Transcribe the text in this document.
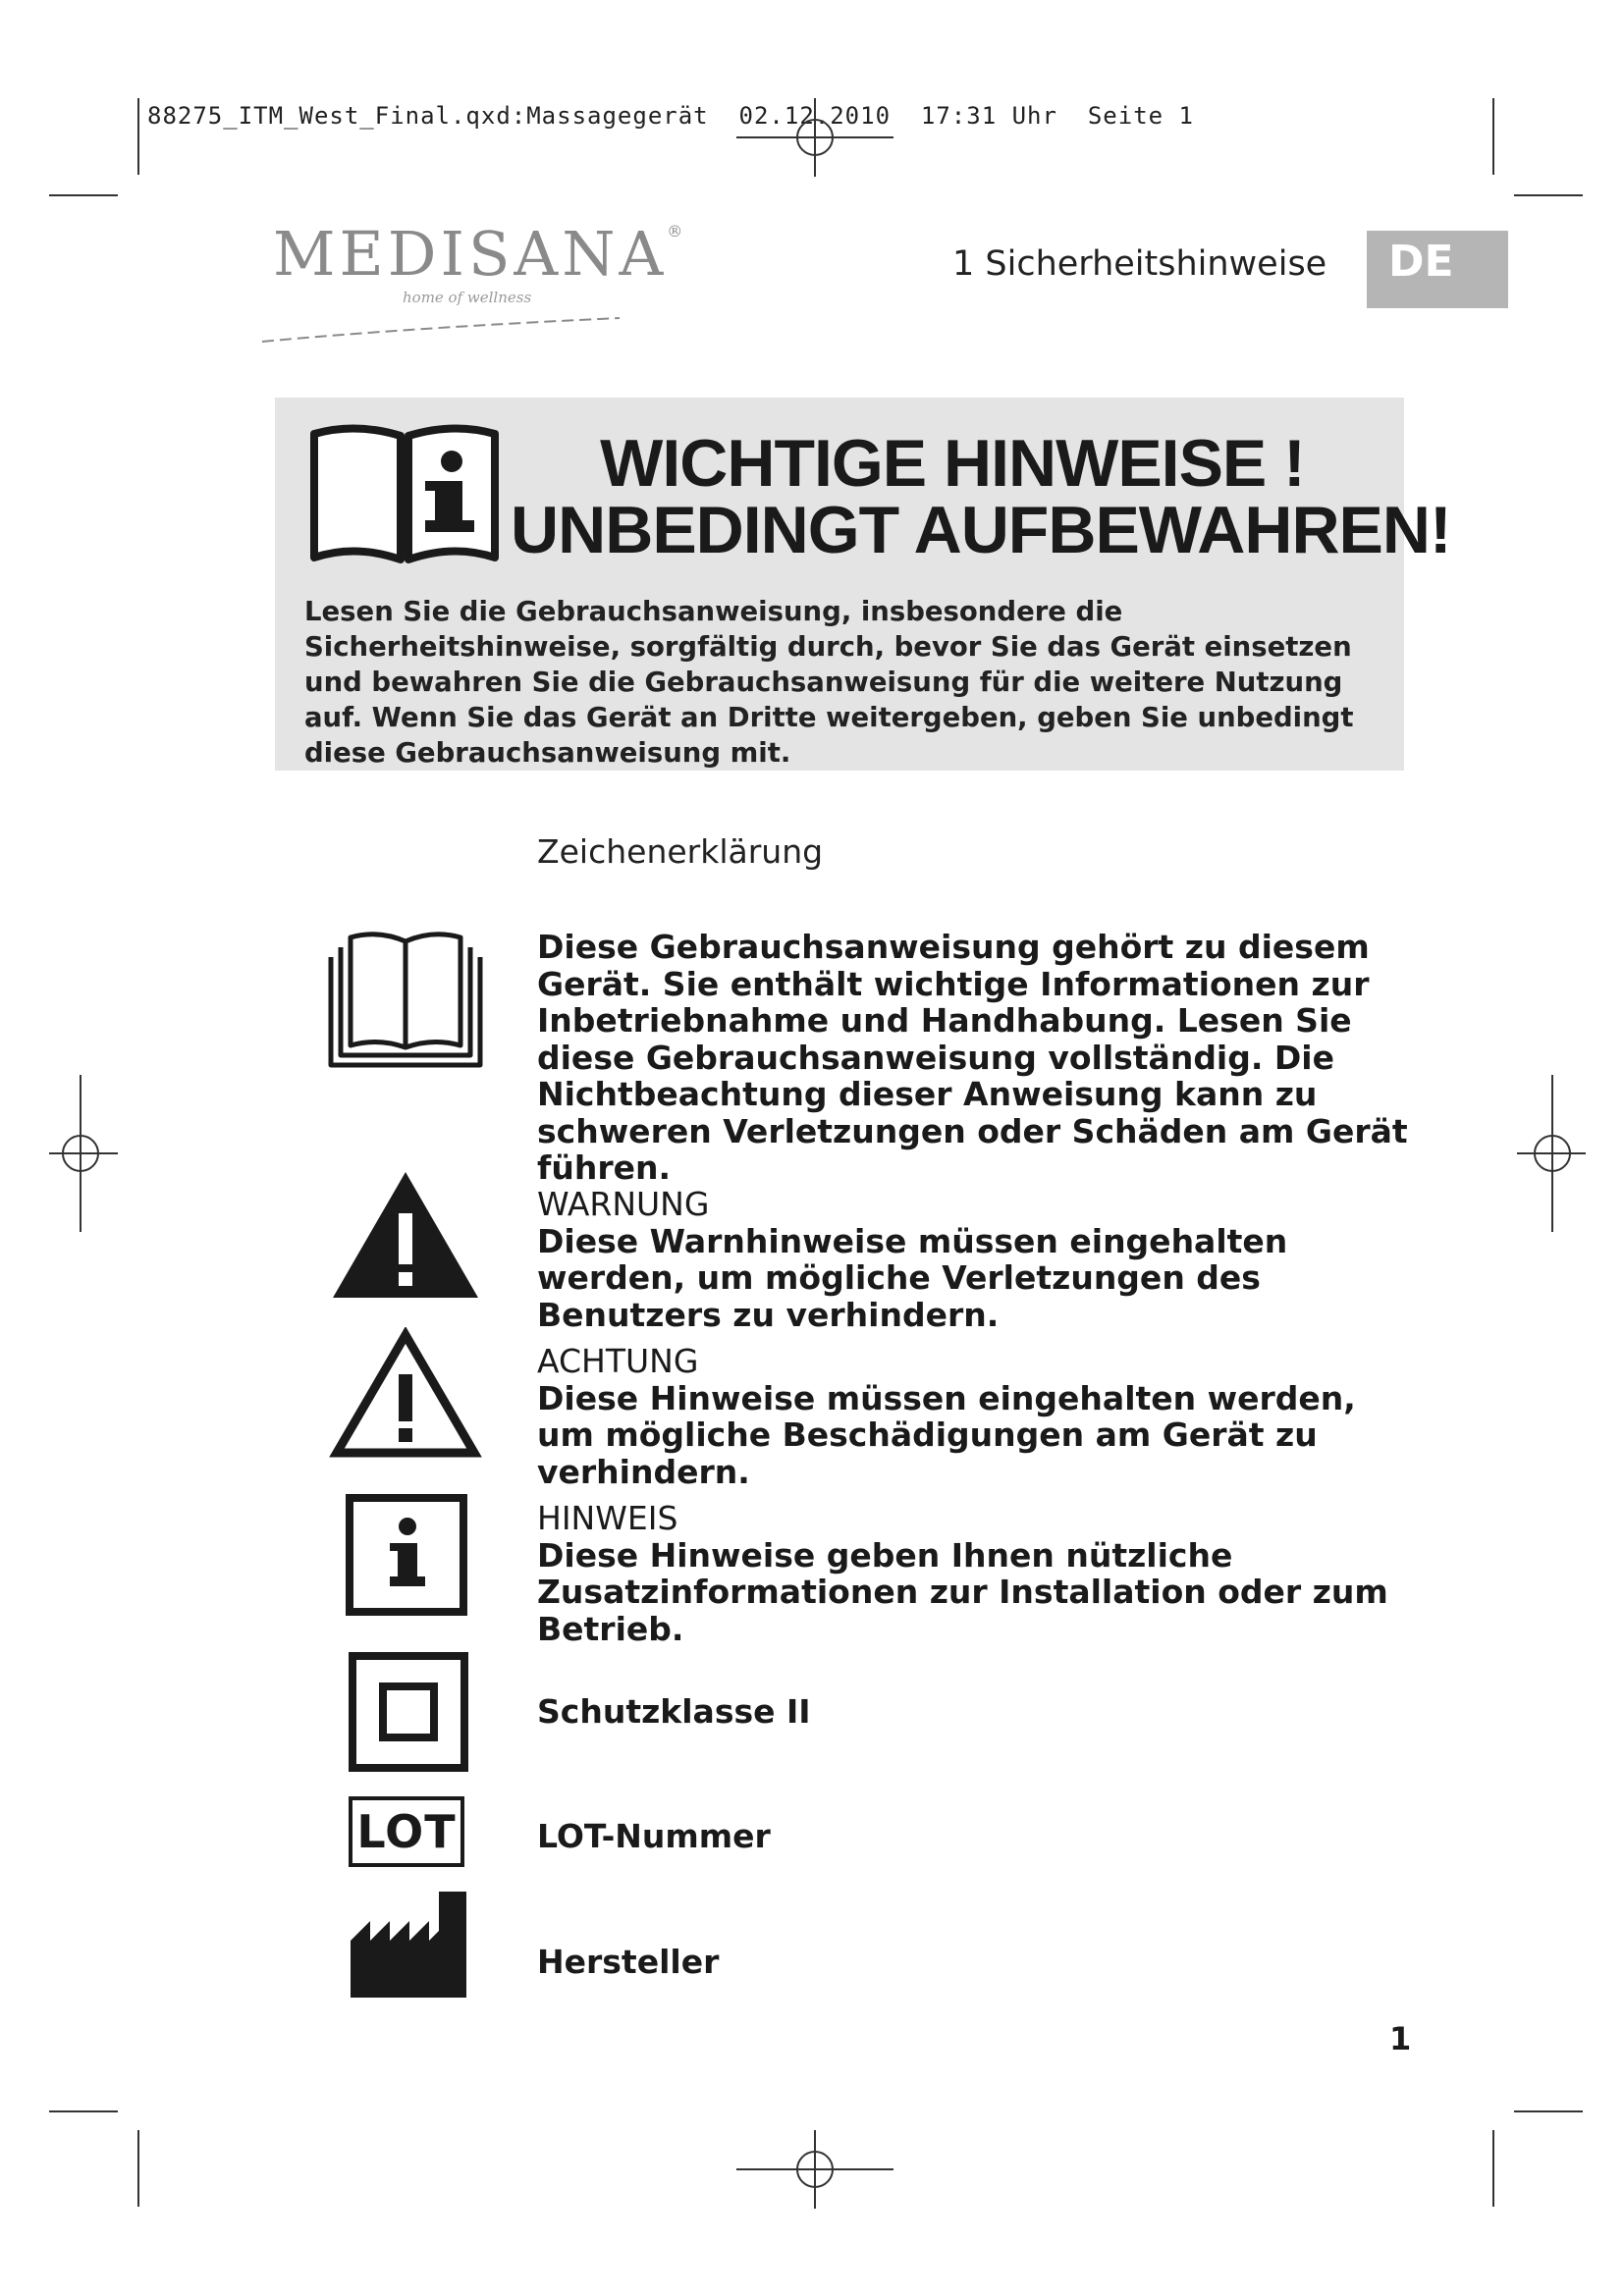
88275_ITM_West_Final.qxd:Massagegerät  02.12.2010  17:31 Uhr  Seite 1
MEDISANA®
home of wellness
1 Sicherheitshinweise	DE
WICHTIGE HINWEISE !
UNBEDINGT AUFBEWAHREN!
Lesen Sie die Gebrauchsanweisung, insbesondere die Sicherheitshinweise, sorgfältig durch, bevor Sie das Gerät einsetzen und bewahren Sie die Gebrauchsanweisung für die weitere Nutzung auf. Wenn Sie das Gerät an Dritte weitergeben, geben Sie unbedingt diese Gebrauchsanweisung mit.
Zeichenerklärung
Diese Gebrauchsanweisung gehört zu diesem Gerät. Sie enthält wichtige Informationen zur Inbetriebnahme und Handhabung. Lesen Sie diese Gebrauchsanweisung vollständig. Die Nichtbeachtung dieser Anweisung kann zu schweren Verletzungen oder Schäden am Gerät führen.
WARNUNG
Diese Warnhinweise müssen eingehalten werden, um mögliche Verletzungen des Benutzers zu verhindern.
ACHTUNG
Diese Hinweise müssen eingehalten werden, um mögliche Beschädigungen am Gerät zu verhindern.
HINWEIS
Diese Hinweise geben Ihnen nützliche Zusatzinformationen zur Installation oder zum Betrieb.
Schutzklasse II
LOT LOT-Nummer
Hersteller
1
